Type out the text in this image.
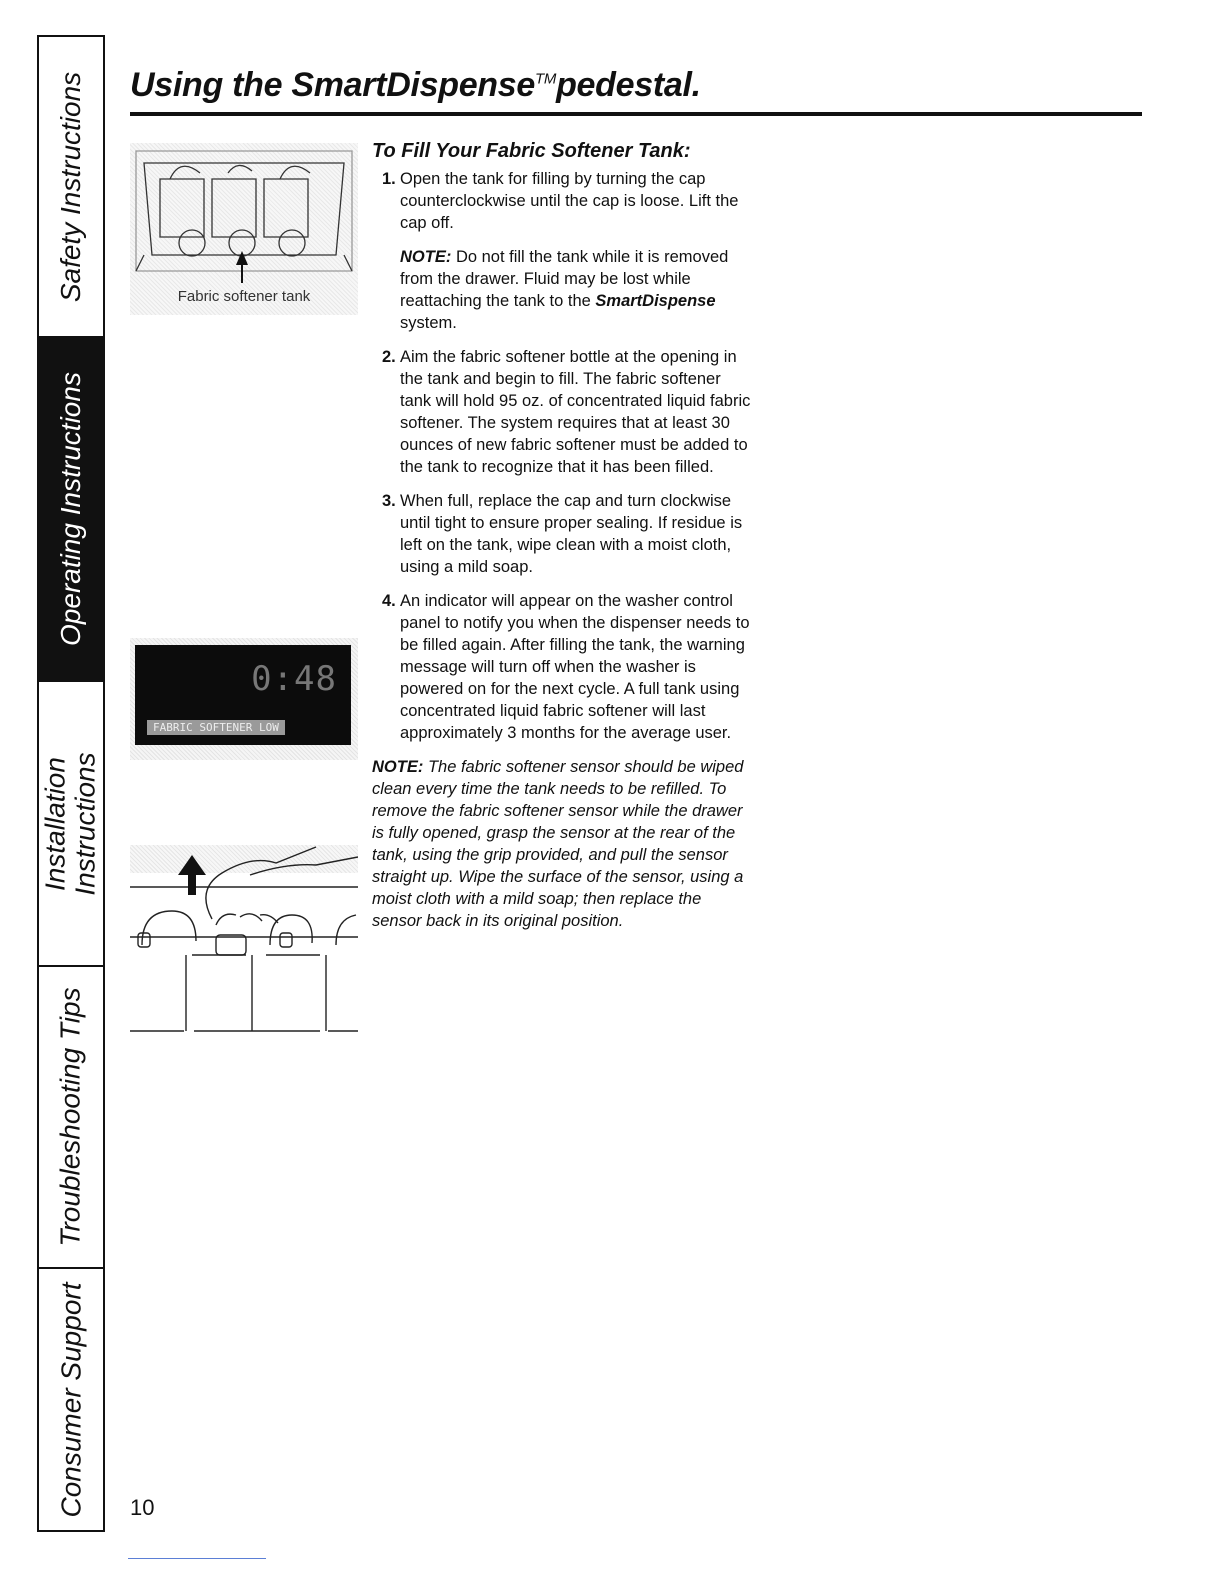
Safety Instructions
Operating Instructions
Installation Instructions
Troubleshooting Tips
Consumer Support
Using the SmartDispense™pedestal.
Fabric softener tank
0:48
FABRIC SOFTENER LOW
To Fill Your Fabric Softener Tank:
1. Open the tank for filling by turning the cap counterclockwise until the cap is loose. Lift the cap off.
NOTE: Do not fill the tank while it is removed from the drawer. Fluid may be lost while reattaching the tank to the SmartDispense system.
2. Aim the fabric softener bottle at the opening in the tank and begin to fill. The fabric softener tank will hold 95 oz. of concentrated liquid fabric softener. The system requires that at least 30 ounces of new fabric softener must be added to the tank to recognize that it has been filled.
3. When full, replace the cap and turn clockwise until tight to ensure proper sealing. If residue is left on the tank, wipe clean with a moist cloth, using a mild soap.
4. An indicator will appear on the washer control panel to notify you when the dispenser needs to be filled again. After filling the tank, the warning message will turn off when the washer is powered on for the next cycle. A full tank using concentrated liquid fabric softener will last approximately 3 months for the average user.

NOTE: The fabric softener sensor should be wiped clean every time the tank needs to be refilled. To remove the fabric softener sensor while the drawer is fully opened, grasp the sensor at the rear of the tank, using the grip provided, and pull the sensor straight up. Wipe the surface of the sensor, using a moist cloth with a mild soap; then replace the sensor back in its original position.

10
